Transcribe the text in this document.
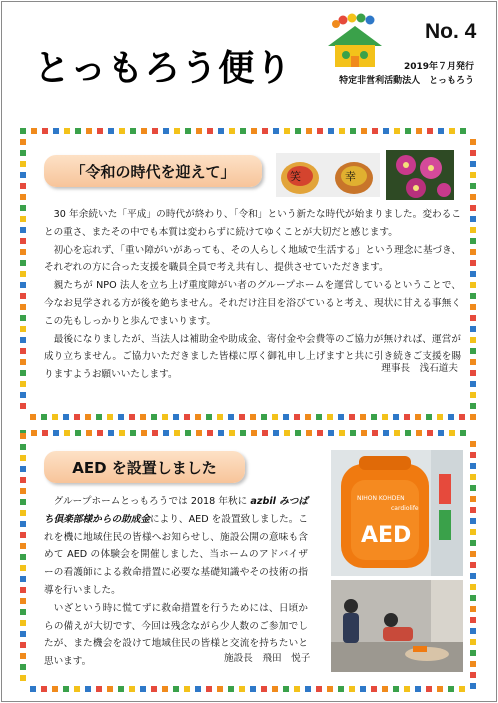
とっもろう便り
No. 4
2019年７月発行
特定非営利活動法人　とっもろう
「令和の時代を迎えて」	笑	幸
　30 年余続いた「平成」の時代が終わり、「令和」という新たな時代が始まりました。変わることの重さ、またその中でも本質は変わらずに続けてゆくことが大切だと感じます。
　初心を忘れず、「重い障がいがあっても、その人らしく地域で生活する」という理念に基づき、それぞれの方に合った支援を職員全員で考え共有し、提供させていただきます。
　親たちが NPO 法人を立ち上げ重度障がい者のグループホームを運営しているということで、今なお見学される方が後を絶ちません。それだけ注目を浴びていると考え、現状に甘える事無くこの先もしっかりと歩んでまいります。
　最後になりましたが、当法人は補助金や助成金、寄付金や会費等のご協力が無ければ、運営が成り立ちません。ご協力いただきました皆様に厚く御礼申し上げますと共に引き続きご支援を賜りますようお願いいたします。
理事長　浅石道夫
AED を設置しました
　グループホームとっもろうでは 2018 年秋に azbil みつばち倶楽部様からの助成金により、AED を設置致しました。これを機に地域住民の皆様へお知らせし、施設公開の意味も含めて AED の体験会を開催しました、当ホームのアドバイザーの看護師による救命措置に必要な基礎知識やその技術の指導を行いました。
　いざという時に慌てずに救命措置を行うためには、日頃からの備えが大切です、今回は残念ながら少人数のご参加でしたが、また機会を設けて地域住民の皆様と交流を持ちたいと思います。	施設長　飛田　悦子
NIHON KOHDEN
cardiolife
AED
